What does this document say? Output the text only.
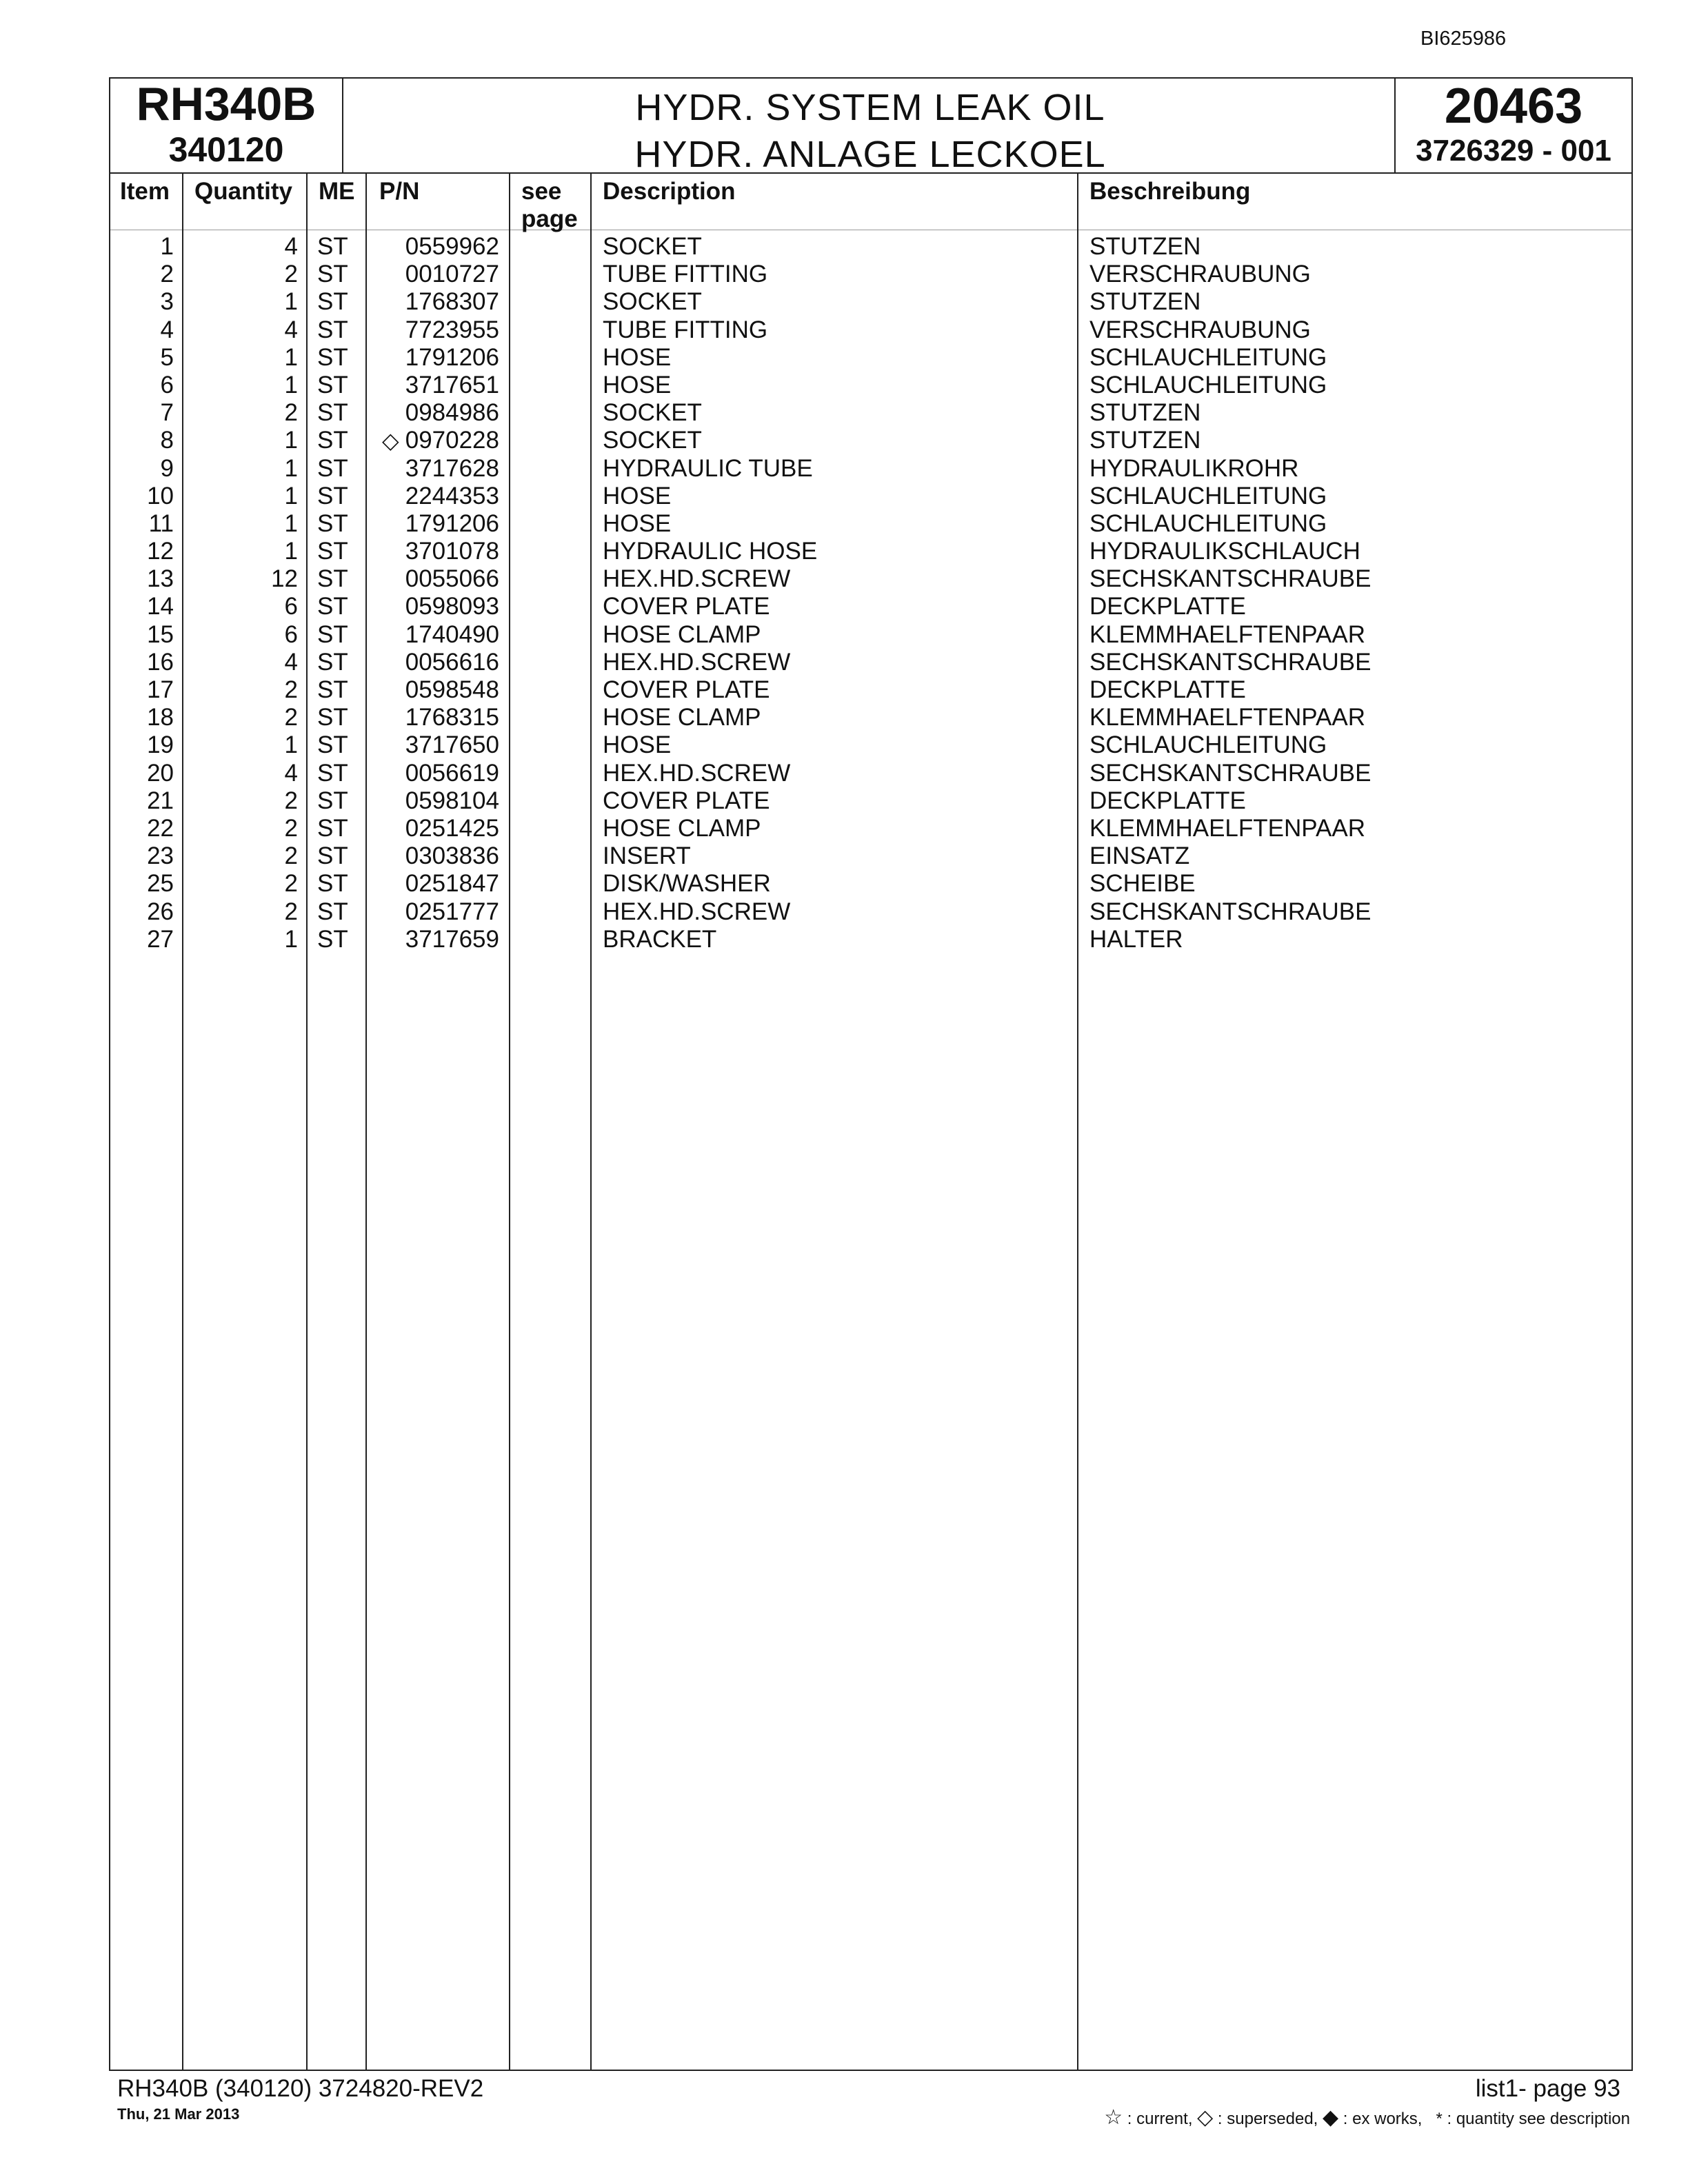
BI625986
RH340B
340120
HYDR. SYSTEM LEAK OIL
HYDR. ANLAGE LECKOEL
20463
3726329 - 001
Item Quantity ME P/N	see
page
Description	Beschreibung
1	4 ST 0559962	SOCKET	STUTZEN
2	2 ST 0010727	TUBE FITTING	VERSCHRAUBUNG
3	1 ST 1768307	SOCKET	STUTZEN
4	4 ST 7723955	TUBE FITTING	VERSCHRAUBUNG
5	1 ST 1791206	HOSE	SCHLAUCHLEITUNG
6	1 ST 3717651	HOSE	SCHLAUCHLEITUNG
7	2 ST 0984986	SOCKET	STUTZEN
8	1 ST ◇ 0970228	SOCKET	STUTZEN
9	1 ST 3717628	HYDRAULIC TUBE	HYDRAULIKROHR
10	1 ST 2244353	HOSE	SCHLAUCHLEITUNG
11	1 ST 1791206	HOSE	SCHLAUCHLEITUNG
12	1 ST 3701078	HYDRAULIC HOSE	HYDRAULIKSCHLAUCH
13	12 ST 0055066	HEX.HD.SCREW	SECHSKANTSCHRAUBE
14	6 ST 0598093	COVER PLATE	DECKPLATTE
15	6 ST 1740490	HOSE CLAMP	KLEMMHAELFTENPAAR
16	4 ST 0056616	HEX.HD.SCREW	SECHSKANTSCHRAUBE
17	2 ST 0598548	COVER PLATE	DECKPLATTE
18	2 ST 1768315	HOSE CLAMP	KLEMMHAELFTENPAAR
19	1 ST 3717650	HOSE	SCHLAUCHLEITUNG
20	4 ST 0056619	HEX.HD.SCREW	SECHSKANTSCHRAUBE
21	2 ST 0598104	COVER PLATE	DECKPLATTE
22	2 ST 0251425	HOSE CLAMP	KLEMMHAELFTENPAAR
23	2 ST 0303836	INSERT	EINSATZ
25	2 ST 0251847	DISK/WASHER	SCHEIBE
26	2 ST 0251777	HEX.HD.SCREW	SECHSKANTSCHRAUBE
27	1 ST 3717659	BRACKET	HALTER
RH340B (340120) 3724820-REV2
Thu, 21 Mar 2013
list1- page 93
☆ : current, ◇ : superseded, ◆ : ex works, * : quantity see description
